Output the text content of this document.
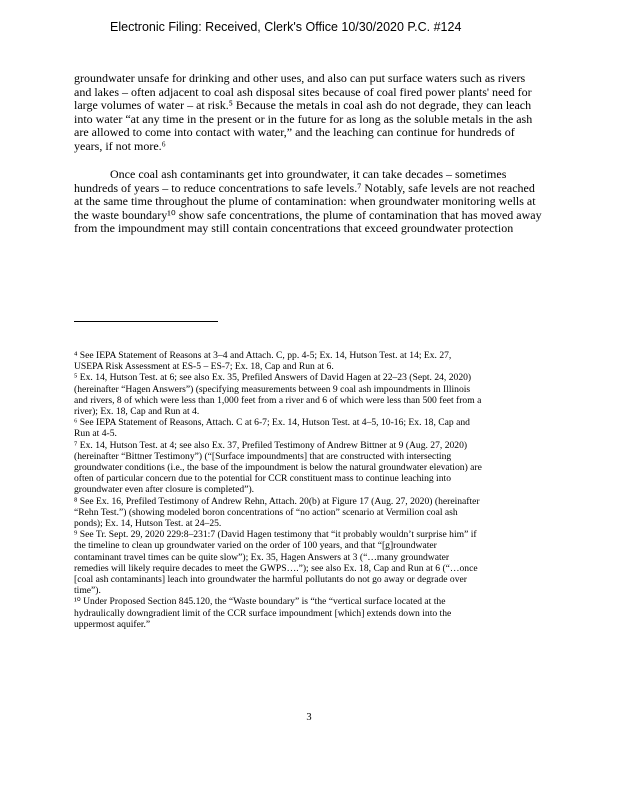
Electronic Filing: Received, Clerk's Office 10/30/2020 P.C. #124
groundwater unsafe for drinking and other uses, and also can put surface waters such as rivers
and lakes – often adjacent to coal ash disposal sites because of coal fired power plants' need for
large volumes of water – at risk.⁵ Because the metals in coal ash do not degrade, they can leach
into water “at any time in the present or in the future for as long as the soluble metals in the ash
are allowed to come into contact with water,” and the leaching can continue for hundreds of
years, if not more.⁶
Once coal ash contaminants get into groundwater, it can take decades – sometimes
hundreds of years – to reduce concentrations to safe levels.⁷ Notably, safe levels are not reached
at the same time throughout the plume of contamination: when groundwater monitoring wells at
the waste boundary¹⁰ show safe concentrations, the plume of contamination that has moved away
from the impoundment may still contain concentrations that exceed groundwater protection
⁴ See IEPA Statement of Reasons at 3–4 and Attach. C, pp. 4-5; Ex. 14, Hutson Test. at 14; Ex. 27,
USEPA Risk Assessment at ES-5 – ES-7; Ex. 18, Cap and Run at 6.
⁵ Ex. 14, Hutson Test. at 6; see also Ex. 35, Prefiled Answers of David Hagen at 22–23 (Sept. 24, 2020)
(hereinafter “Hagen Answers”) (specifying measurements between 9 coal ash impoundments in Illinois
and rivers, 8 of which were less than 1,000 feet from a river and 6 of which were less than 500 feet from a
river); Ex. 18, Cap and Run at 4.
⁶ See IEPA Statement of Reasons, Attach. C at 6-7; Ex. 14, Hutson Test. at 4–5, 10-16; Ex. 18, Cap and
Run at 4-5.
⁷ Ex. 14, Hutson Test. at 4; see also Ex. 37, Prefiled Testimony of Andrew Bittner at 9 (Aug. 27, 2020)
(hereinafter “Bittner Testimony”) (“[Surface impoundments] that are constructed with intersecting
groundwater conditions (i.e., the base of the impoundment is below the natural groundwater elevation) are
often of particular concern due to the potential for CCR constituent mass to continue leaching into
groundwater even after closure is completed”).
⁸ See Ex. 16, Prefiled Testimony of Andrew Rehn, Attach. 20(b) at Figure 17 (Aug. 27, 2020) (hereinafter
“Rehn Test.”) (showing modeled boron concentrations of “no action” scenario at Vermilion coal ash
ponds); Ex. 14, Hutson Test. at 24–25.
⁹ See Tr. Sept. 29, 2020 229:8–231:7 (David Hagen testimony that “it probably wouldn’t surprise him” if
the timeline to clean up groundwater varied on the order of 100 years, and that “[g]roundwater
contaminant travel times can be quite slow”); Ex. 35, Hagen Answers at 3 (“…many groundwater
remedies will likely require decades to meet the GWPS….”); see also Ex. 18, Cap and Run at 6 (“…once
[coal ash contaminants] leach into groundwater the harmful pollutants do not go away or degrade over
time”).
¹⁰ Under Proposed Section 845.120, the “Waste boundary” is “the “vertical surface located at the
hydraulically downgradient limit of the CCR surface impoundment [which] extends down into the
uppermost aquifer.”
3
